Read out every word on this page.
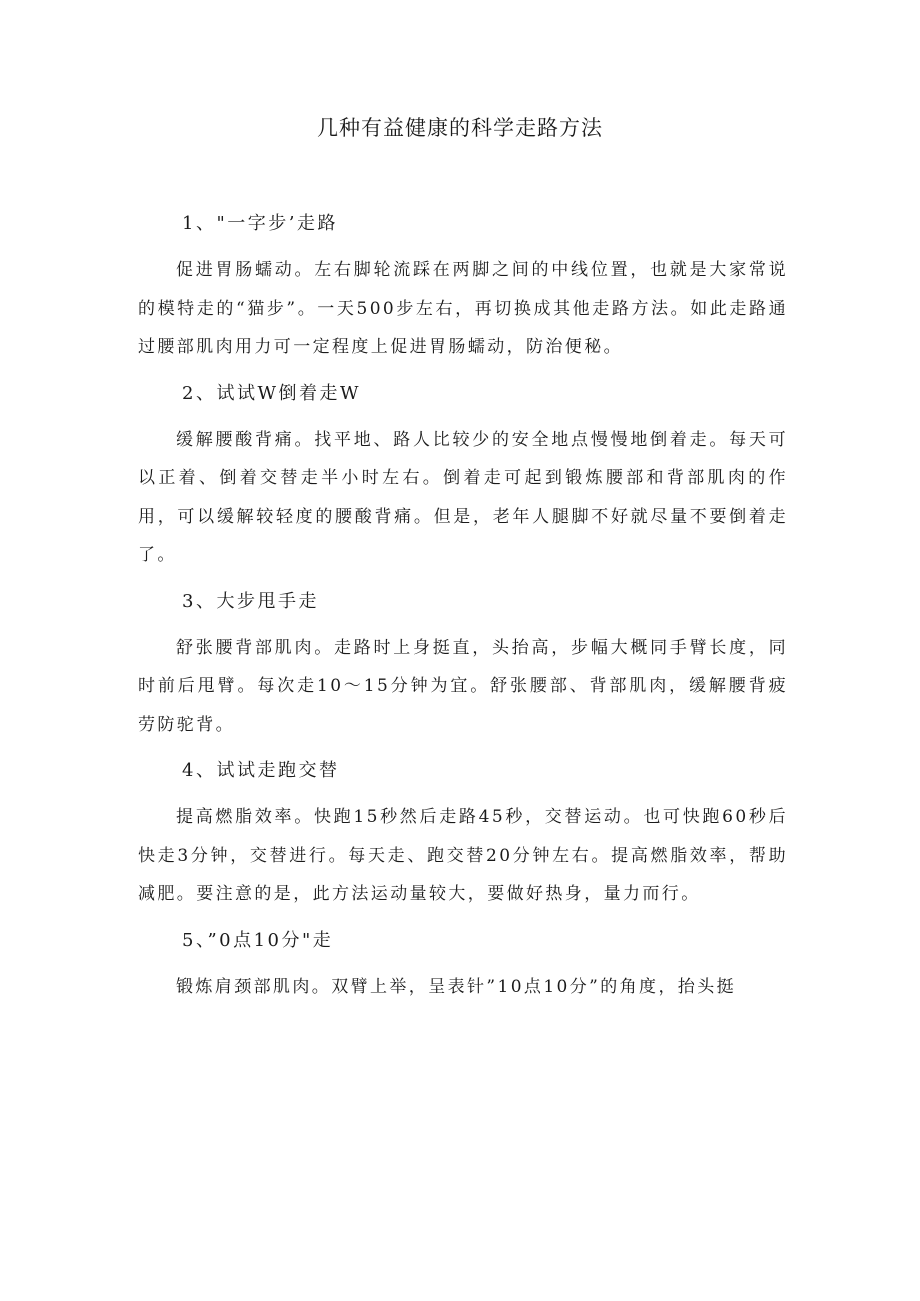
几种有益健康的科学走路方法

1、"一字步’走路

促进胃肠蠕动。左右脚轮流踩在两脚之间的中线位置，也就是大家常说的模特走的“猫步”。一天500步左右，再切换成其他走路方法。如此走路通过腰部肌肉用力可一定程度上促进胃肠蠕动，防治便秘。

2、试试W倒着走W

缓解腰酸背痛。找平地、路人比较少的安全地点慢慢地倒着走。每天可以正着、倒着交替走半小时左右。倒着走可起到锻炼腰部和背部肌肉的作用，可以缓解较轻度的腰酸背痛。但是，老年人腿脚不好就尽量不要倒着走了。

3、大步甩手走

舒张腰背部肌肉。走路时上身挺直，头抬高，步幅大概同手臂长度，同时前后甩臂。每次走10〜15分钟为宜。舒张腰部、背部肌肉，缓解腰背疲劳防驼背。

4、试试走跑交替

提高燃脂效率。快跑15秒然后走路45秒，交替运动。也可快跑60秒后快走3分钟，交替进行。每天走、跑交替20分钟左右。提高燃脂效率，帮助减肥。要注意的是，此方法运动量较大，要做好热身，量力而行。

5、”0点10分"走

锻炼肩颈部肌肉。双臂上举，呈表针”10点10分”的角度，抬头挺
